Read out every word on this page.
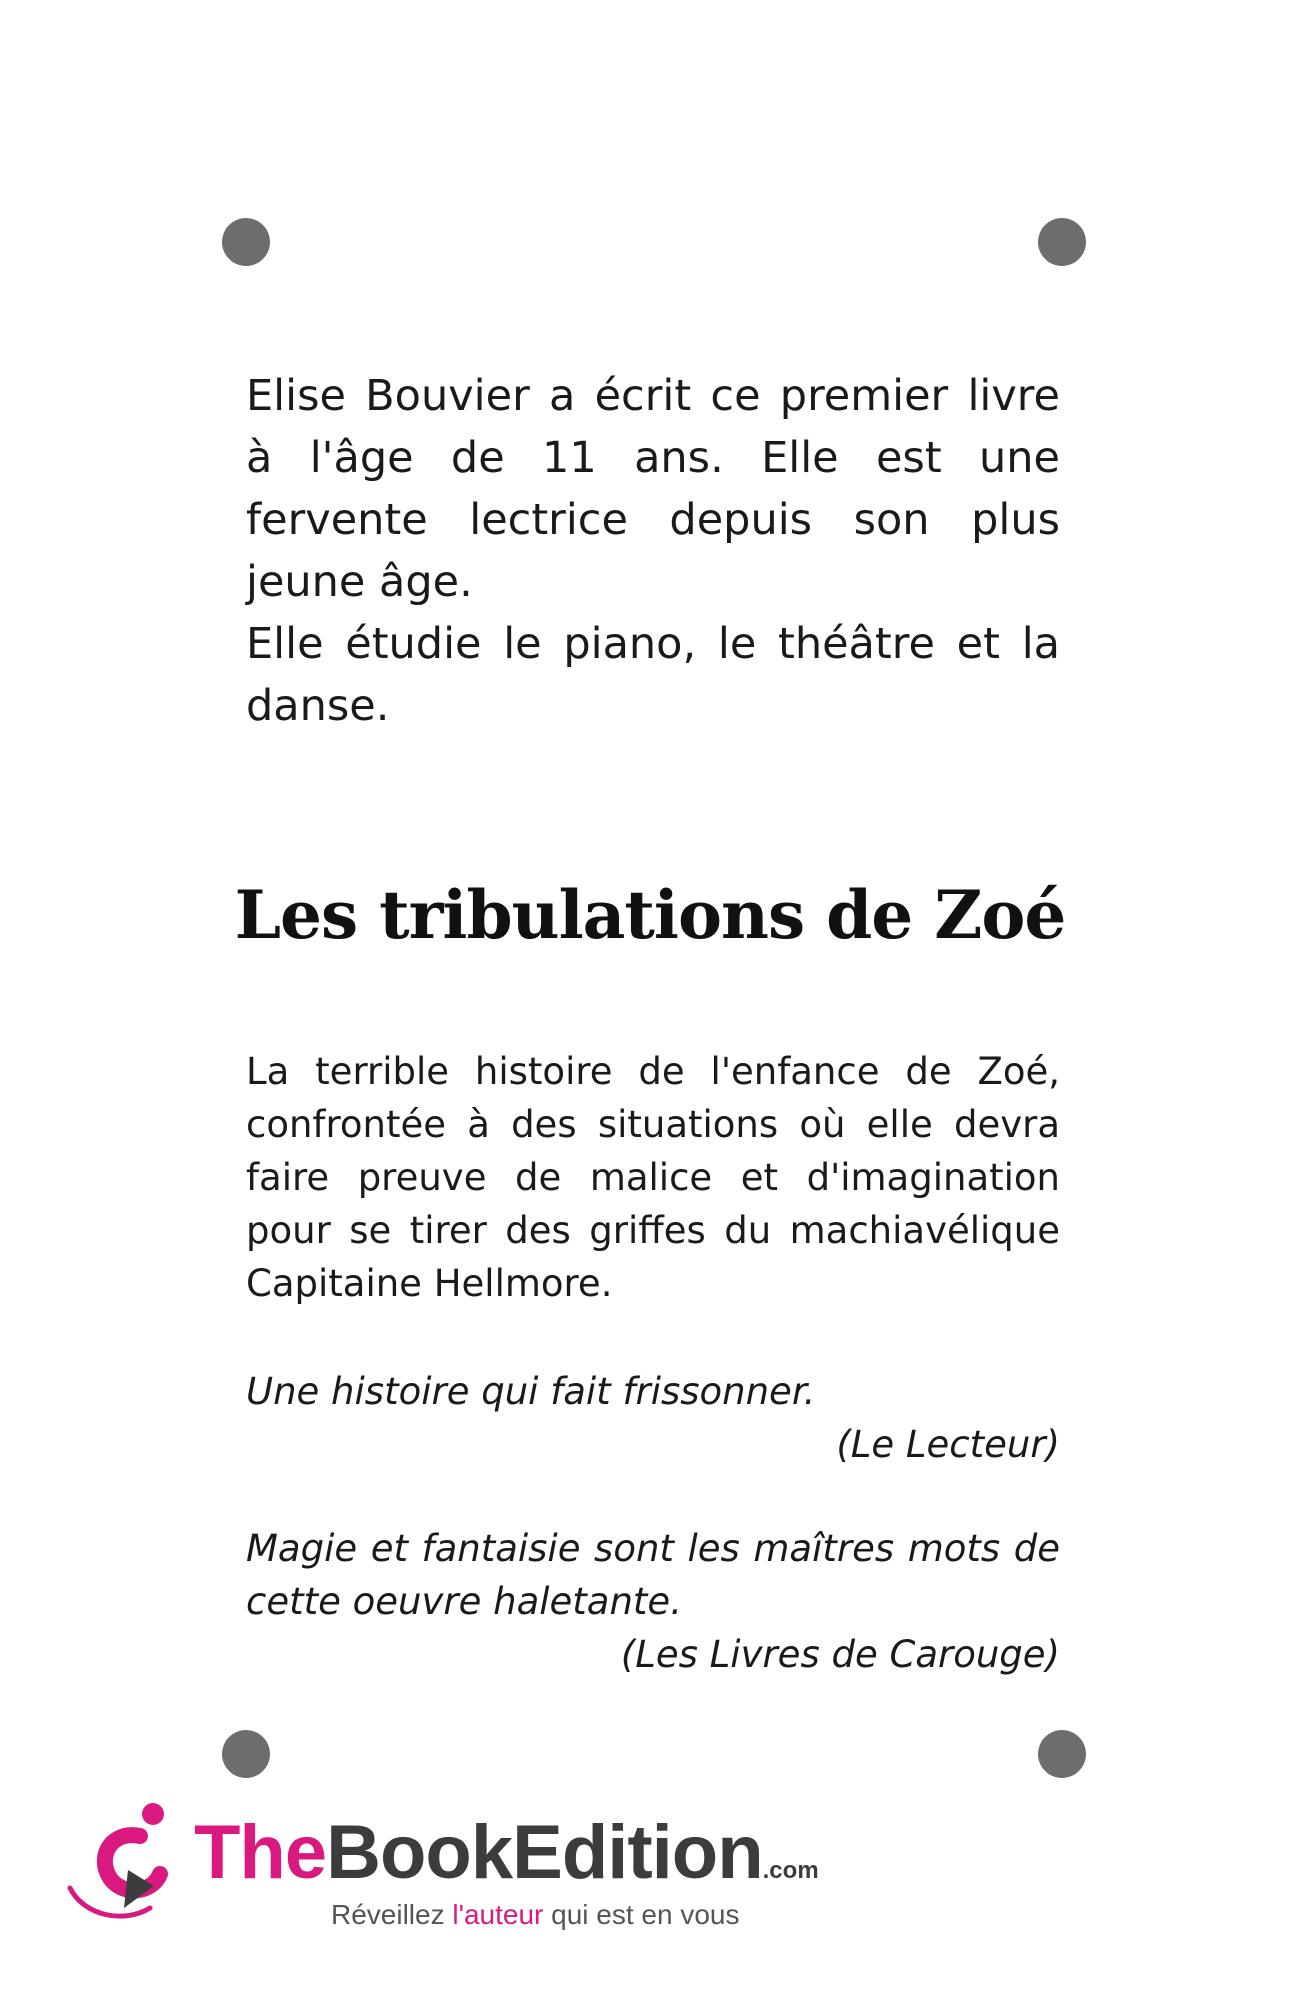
Elise Bouvier a écrit ce premier livre à l'âge de 11 ans. Elle est une fervente lectrice depuis son plus jeune âge.

Elle étudie le piano, le théâtre et la danse.

Les tribulations de Zoé

La terrible histoire de l'enfance de Zoé, confrontée à des situations où elle devra faire preuve de malice et d'imagination pour se tirer des griffes du machiavélique Capitaine Hellmore.

Une histoire qui fait frissonner.

(Le Lecteur)

Magie et fantaisie sont les maîtres mots de cette oeuvre haletante.

(Les Livres de Carouge)

TheBookEdition.com
Réveillez l'auteur qui est en vous
